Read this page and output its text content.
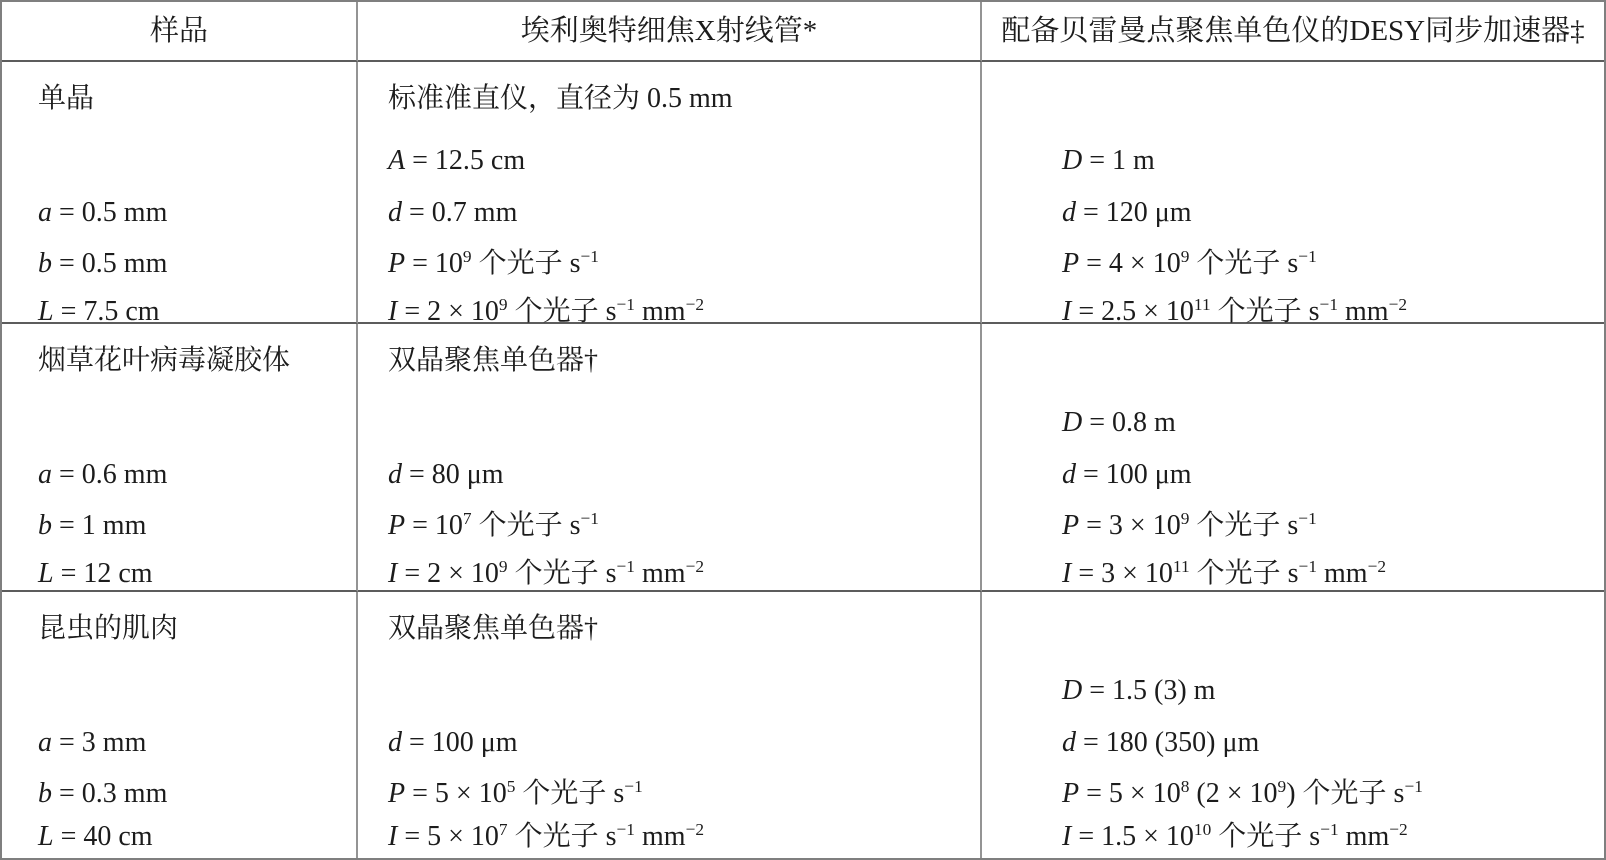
样品	埃利奥特细焦X射线管*	配备贝雷曼点聚焦单色仪的DESY同步加速器‡
单晶
a = 0.5 mm
b = 0.5 mm
L = 7.5 cm
标准准直仪，直径为 0.5 mm
A = 12.5 cm
d = 0.7 mm
$P = 10^9$ 个光子 $s^{-1}$
$I = 2 \times 10^9$ 个光子 $s^{-1}$ $mm^{-2}$
D = 1 m
d = 120 μm
$P = 4 \times 10^9$ 个光子 $s^{-1}$
$I = 2.5 \times 10^{11}$ 个光子 $s^{-1}$ $mm^{-2}$
烟草花叶病毒凝胶体
a = 0.6 mm
b = 1 mm
L = 12 cm
双晶聚焦单色器†
d = 80 μm
$P = 10^7$ 个光子 $s^{-1}$
$I = 2 \times 10^9$ 个光子 $s^{-1}$ $mm^{-2}$
D = 0.8 m
d = 100 μm
$P = 3 \times 10^9$ 个光子 $s^{-1}$
$I = 3 \times 10^{11}$ 个光子 $s^{-1}$ $mm^{-2}$
昆虫的肌肉
a = 3 mm
b = 0.3 mm
L = 40 cm
双晶聚焦单色器†
d = 100 μm
$P = 5 \times 10^5$ 个光子 $s^{-1}$
$I = 5 \times 10^7$ 个光子 $s^{-1}$ $mm^{-2}$
D = 1.5 (3) m
d = 180 (350) μm
$P = 5 \times 10^8$ $(2 \times 10^9)$ 个光子 $s^{-1}$
$I = 1.5 \times 10^{10}$ 个光子 $s^{-1}$ $mm^{-2}$
